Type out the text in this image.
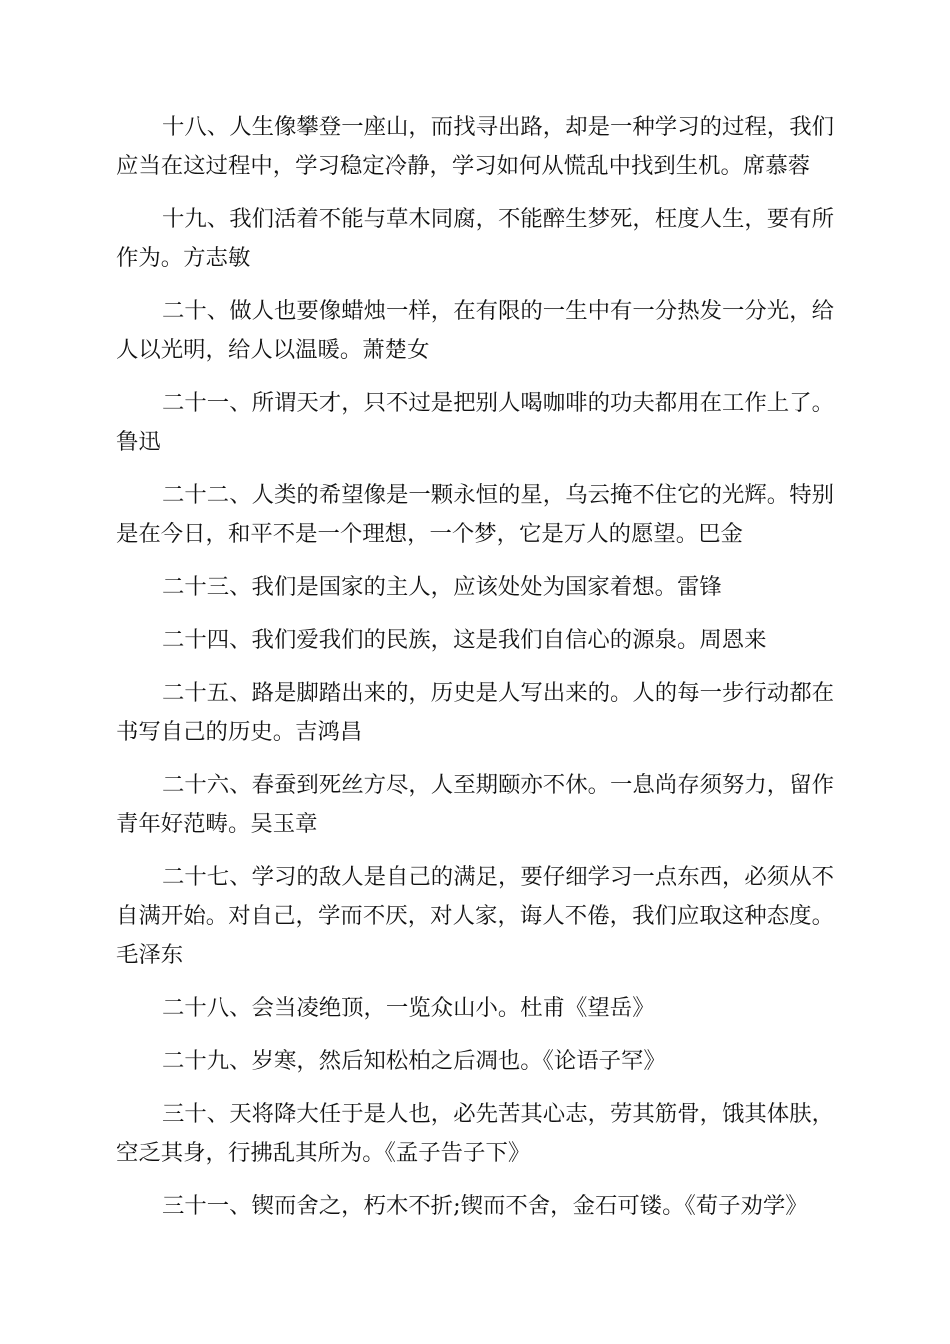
十八、人生像攀登一座山，而找寻出路，却是一种学习的过程，我们应当在这过程中，学习稳定冷静，学习如何从慌乱中找到生机。席慕蓉

十九、我们活着不能与草木同腐，不能醉生梦死，枉度人生，要有所作为。方志敏

二十、做人也要像蜡烛一样，在有限的一生中有一分热发一分光，给人以光明，给人以温暖。萧楚女

二十一、所谓天才，只不过是把别人喝咖啡的功夫都用在工作上了。鲁迅

二十二、人类的希望像是一颗永恒的星，乌云掩不住它的光辉。特别是在今日，和平不是一个理想，一个梦，它是万人的愿望。巴金

二十三、我们是国家的主人，应该处处为国家着想。雷锋

二十四、我们爱我们的民族，这是我们自信心的源泉。周恩来

二十五、路是脚踏出来的，历史是人写出来的。人的每一步行动都在书写自己的历史。吉鸿昌

二十六、春蚕到死丝方尽，人至期颐亦不休。一息尚存须努力，留作青年好范畴。吴玉章

二十七、学习的敌人是自己的满足，要仔细学习一点东西，必须从不自满开始。对自己，学而不厌，对人家，诲人不倦，我们应取这种态度。毛泽东

二十八、会当凌绝顶，一览众山小。杜甫《望岳》

二十九、岁寒，然后知松柏之后凋也。《论语子罕》

三十、天将降大任于是人也，必先苦其心志，劳其筋骨，饿其体肤，空乏其身，行拂乱其所为。《孟子告子下》

三十一、锲而舍之，朽木不折;锲而不舍，金石可镂。《荀子劝学》
